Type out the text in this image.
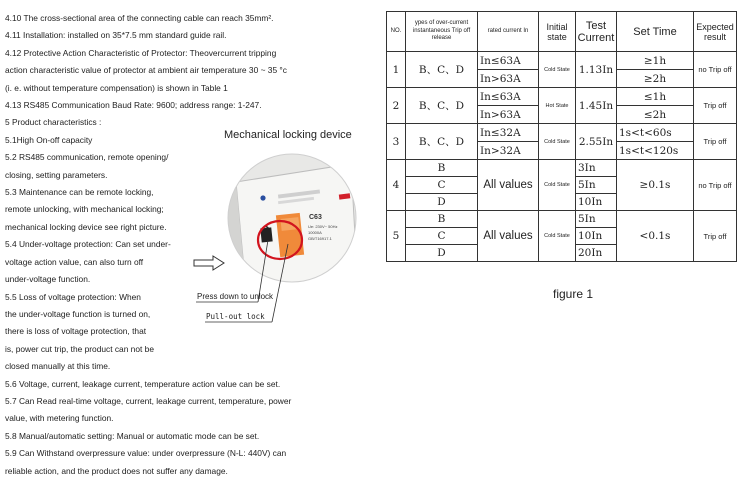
4.10 The cross-sectional area of the connecting cable can reach 35mm².

4.11 Installation: installed on 35*7.5 mm standard guide rail.

4.12 Protective Action Characteristic of Protector: Theovercurrent tripping

action characteristic value of protector at ambient air temperature 30 ~ 35 °c

(i. e. without temperature compensation) is shown in Table 1

4.13 RS485 Communication Baud Rate: 9600; address range: 1-247.

5 Product characteristics :

5.1High On-off capacity

5.2 RS485 communication, remote opening/

closing, setting parameters.

5.3 Maintenance can be remote locking,

remote unlocking, with mechanical locking;

mechanical locking device see right picture.

5.4 Under-voltage protection: Can set under-

voltage action value, can also turn off

under-voltage function.

5.5 Loss of voltage protection: When

the under-voltage function is turned on,

there is loss of voltage protection, that

is, power cut trip, the product can not be

closed manually at this time.

5.6 Voltage, current, leakage current, temperature action value can be set.

5.7 Can Read real-time voltage, current, leakage current, temperature, power

value, with metering function.

5.8 Manual/automatic setting: Manual or automatic mode can be set.

5.9 Can Withstand overpressure value: under overpressure (N-L: 440V) can

reliable action, and the product does not suffer any damage.

Mechanical locking device
C63
Ue: 230V~ 50Hz
10000A
GB/T16917.1
Press down to unlock
Pull-out lock
NO.	ypes of over-current instantaneous Trip off release	rated current In	Initial state	Test Current	Set Time	Expected result
1	B、C、D	In≤63A	Cold State	1.13In	≥1h	no Trip off
		In>63A			≥2h	
2	B、C、D	In≤63A	Hot State	1.45In	≤1h	Trip off
		In>63A			≤2h	
3	B、C、D	In≤32A	Cold State	2.55In	1s<t<60s	Trip off
		In>32A			1s<t<120s	
4	B	All values	Cold State	3In	≥0.1s	no Trip off
	C			5In		
	D			10In		
5	B	All values	Cold State	5In	<0.1s	Trip off
	C			10In		
	D			20In		
figure 1
